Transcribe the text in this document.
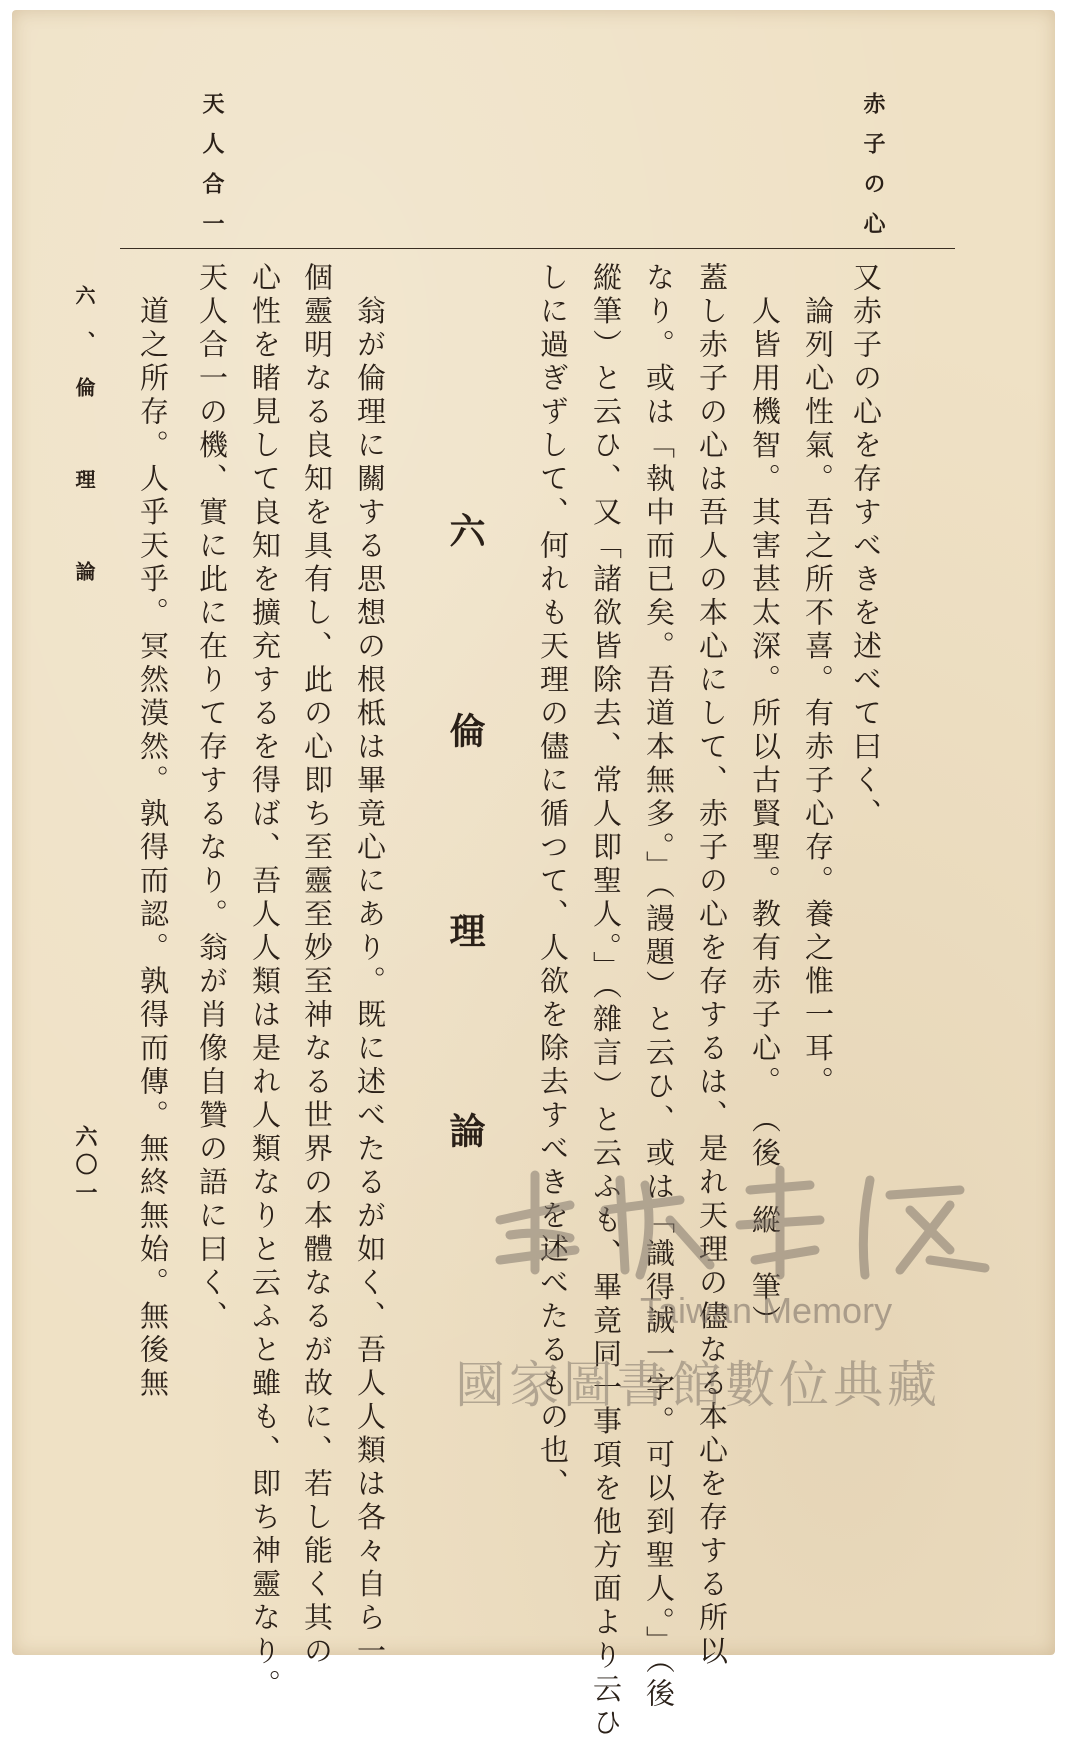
赤子の心
天人合一
又赤子の心を存すべきを述べて曰く、
　論列心性氣。吾之所不喜。有赤子心存。養之惟一耳。
　人皆用機智。其害甚太深。所以古賢聖。教有赤子心。　（後　縱　筆）
蓋し赤子の心は吾人の本心にして、赤子の心を存するは、是れ天理の儘なる本心を存する所以
なり。或は「執中而已矣。吾道本無多。」（謾題）と云ひ、或は「識得誠一字。可以到聖人。」（後
縱筆）と云ひ、又「諸欲皆除去、常人即聖人。」（雜言）と云ふも、畢竟同一事項を他方面より云ひ
しに過ぎずして、何れも天理の儘に循つて、人欲を除去すべきを述べたるもの也、
六　倫　理　論
　翁が倫理に關する思想の根柢は畢竟心にあり。既に述べたるが如く、吾人人類は各々自ら一
個靈明なる良知を具有し、此の心即ち至靈至妙至神なる世界の本體なるが故に、若し能く其の
心性を睹見して良知を擴充するを得ば、吾人人類は是れ人類なりと云ふと雖も、即ち神靈なり。
天人合一の機、實に此に在りて存するなり。翁が肖像自贊の語に曰く、
　道之所存。人乎天乎。冥然漠然。孰得而認。孰得而傳。無終無始。無後無
六、倫　理　論
六〇一
Taiwan Memory
國家圖書館數位典藏
